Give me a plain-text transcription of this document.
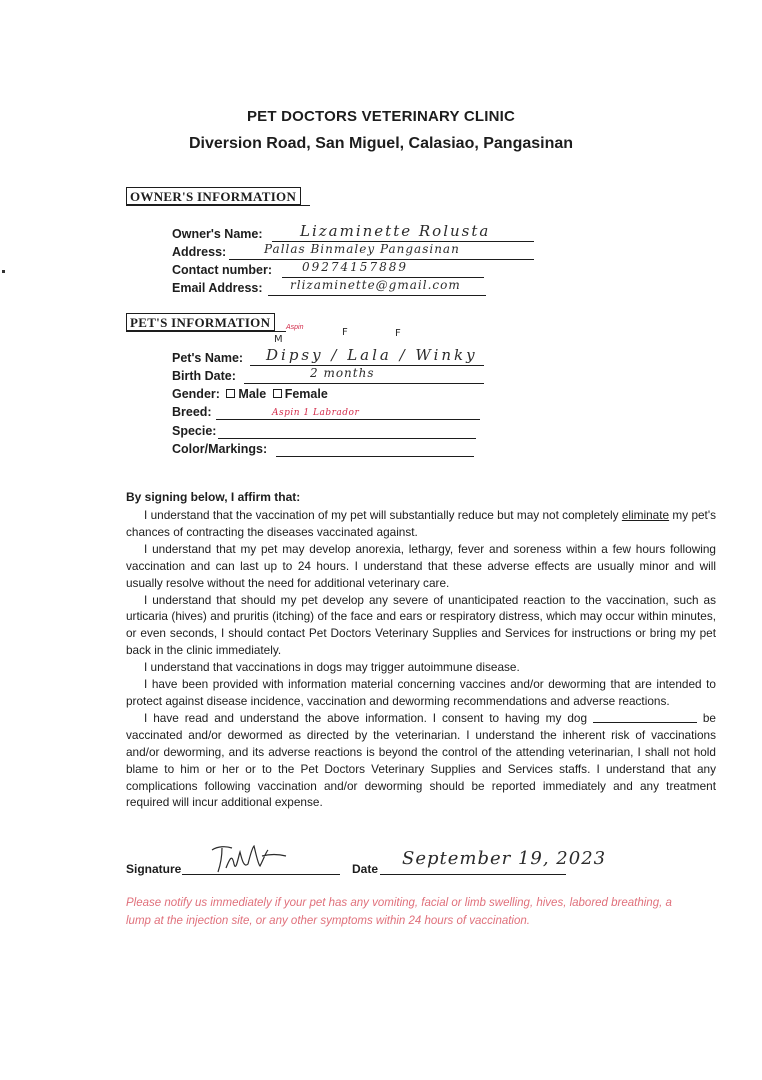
PET DOCTORS VETERINARY CLINIC
Diversion Road, San Miguel, Calasiao, Pangasinan
OWNER'S INFORMATION
Owner's Name: Lizaminette Rolusta
Address:	Pallas Binmaley Pangasinan
Contact number:	09274157889
Email Address: rlizaminette@gmail.com
PET'S INFORMATION	Aspin
M
F	F
Pet's Name: Dipsy / Lala / Winky
Birth Date:	2 months
Gender: Male Female
Breed:	Aspin 1 Labrador
Specie:
Color/Markings:
By signing below, I affirm that:

I understand that the vaccination of my pet will substantially reduce but may not completely eliminate my pet's chances of contracting the diseases vaccinated against.

I understand that my pet may develop anorexia, lethargy, fever and soreness within a few hours following vaccination and can last up to 24 hours. I understand that these adverse effects are usually minor and will usually resolve without the need for additional veterinary care.

I understand that should my pet develop any severe of unanticipated reaction to the vaccination, such as urticaria (hives) and pruritis (itching) of the face and ears or respiratory distress, which may occur within minutes, or even seconds, I should contact Pet Doctors Veterinary Supplies and Services for instructions or bring my pet back in the clinic immediately.

I understand that vaccinations in dogs may trigger autoimmune disease.

I have been provided with information material concerning vaccines and/or deworming that are intended to protect against disease incidence, vaccination and deworming recommendations and adverse reactions.

I have read and understand the above information. I consent to having my dog	be vaccinated and/or dewormed as directed by the veterinarian. I understand the inherent risk of vaccinations and/or deworming, and its adverse reactions is beyond the control of the attending veterinarian, I shall not hold blame to him or her or to the Pet Doctors Veterinary Supplies and Services staffs. I understand that any complications following vaccination and/or deworming should be reported immediately and any treatment required will incur additional expense.

Signature	Date September 19, 2023
Please notify us immediately if your pet has any vomiting, facial or limb swelling, hives, labored breathing, a lump at the injection site, or any other symptoms within 24 hours of vaccination.
